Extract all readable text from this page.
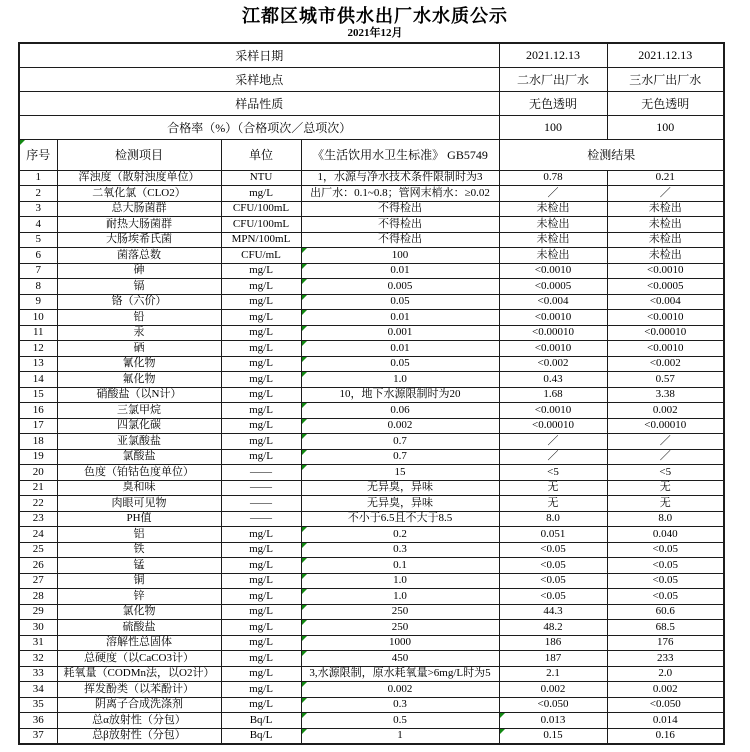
江都区城市供水出厂水水质公示
2021年12月
采样日期				2021.12.13	2021.12.13
采样地点				二水厂出厂水	三水厂出厂水
样品性质				无色透明	无色透明
合格率（%）（合格项次／总项次）				100	100
序号	检测项目	单位	《生活饮用水卫生标准》 GB5749	检测结果	
1	浑浊度（散射浊度单位）	NTU	1，水源与净水技术条件限制时为3	0.78	0.21
2	二氧化氯（CLO2）	mg/L	出厂水：0.1~0.8；管网末梢水：≥0.02	／	／
3	总大肠菌群	CFU/100mL	不得检出	未检出	未检出
4	耐热大肠菌群	CFU/100mL	不得检出	未检出	未检出
5	大肠埃希氏菌	MPN/100mL	不得检出	未检出	未检出
6	菌落总数	CFU/mL	100	未检出	未检出
7	砷	mg/L	0.01	<0.0010	<0.0010
8	镉	mg/L	0.005	<0.0005	<0.0005
9	铬（六价）	mg/L	0.05	<0.004	<0.004
10	铅	mg/L	0.01	<0.0010	<0.0010
11	汞	mg/L	0.001	<0.00010	<0.00010
12	硒	mg/L	0.01	<0.0010	<0.0010
13	氰化物	mg/L	0.05	<0.002	<0.002
14	氟化物	mg/L	1.0	0.43	0.57
15	硝酸盐（以N计）	mg/L	10，地下水源限制时为20	1.68	3.38
16	三氯甲烷	mg/L	0.06	<0.0010	0.002
17	四氯化碳	mg/L	0.002	<0.00010	<0.00010
18	亚氯酸盐	mg/L	0.7	／	／
19	氯酸盐	mg/L	0.7	／	／
20	色度（铂钴色度单位）	——	15	<5	<5
21	臭和味	——	无异臭，异味	无	无
22	肉眼可见物	——	无异臭，异味	无	无
23	PH值	——	不小于6.5且不大于8.5	8.0	8.0
24	铝	mg/L	0.2	0.051	0.040
25	铁	mg/L	0.3	<0.05	<0.05
26	锰	mg/L	0.1	<0.05	<0.05
27	铜	mg/L	1.0	<0.05	<0.05
28	锌	mg/L	1.0	<0.05	<0.05
29	氯化物	mg/L	250	44.3	60.6
30	硫酸盐	mg/L	250	48.2	68.5
31	溶解性总固体	mg/L	1000	186	176
32	总硬度（以CaCO3计）	mg/L	450	187	233
33	耗氧量（CODMn法，以O2计）	mg/L	3,水源限制，原水耗氧量>6mg/L时为5	2.1	2.0
34	挥发酚类（以苯酚计）	mg/L	0.002	0.002	0.002
35	阴离子合成洗涤剂	mg/L	0.3	<0.050	<0.050
36	总α放射性（分包）	Bq/L	0.5	0.013	0.014
37	总β放射性（分包）	Bq/L	1	0.15	0.16
